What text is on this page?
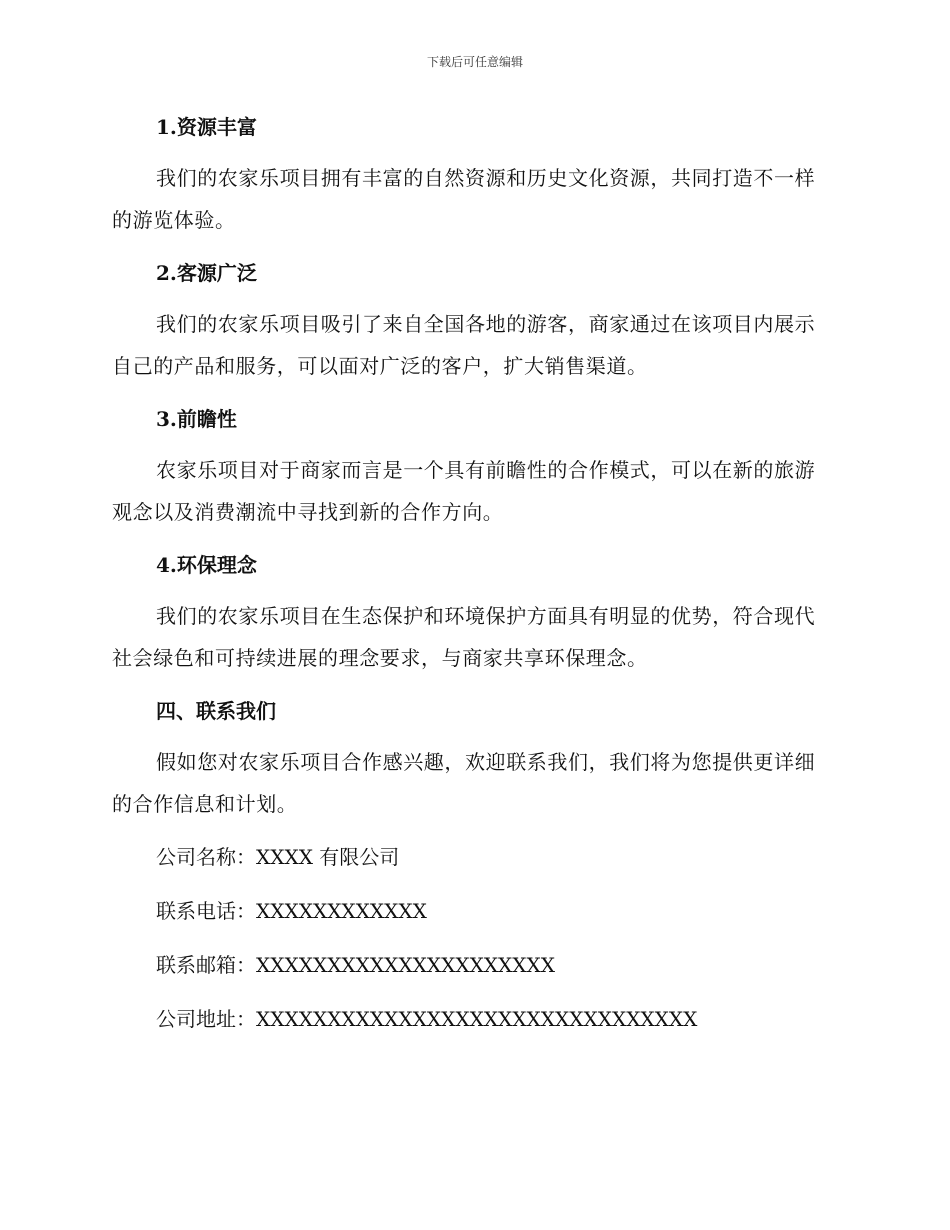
下载后可任意编辑
1.资源丰富

我们的农家乐项目拥有丰富的自然资源和历史文化资源，共同打造不一样的游览体验。

2.客源广泛

我们的农家乐项目吸引了来自全国各地的游客，商家通过在该项目内展示自己的产品和服务，可以面对广泛的客户，扩大销售渠道。

3.前瞻性

农家乐项目对于商家而言是一个具有前瞻性的合作模式，可以在新的旅游观念以及消费潮流中寻找到新的合作方向。

4.环保理念

我们的农家乐项目在生态保护和环境保护方面具有明显的优势，符合现代社会绿色和可持续进展的理念要求，与商家共享环保理念。

四、联系我们

假如您对农家乐项目合作感兴趣，欢迎联系我们，我们将为您提供更详细的合作信息和计划。

公司名称：XXXX 有限公司

联系电话：XXXXXXXXXXXX

联系邮箱：XXXXXXXXXXXXXXXXXXXXX

公司地址：XXXXXXXXXXXXXXXXXXXXXXXXXXXXXXX
